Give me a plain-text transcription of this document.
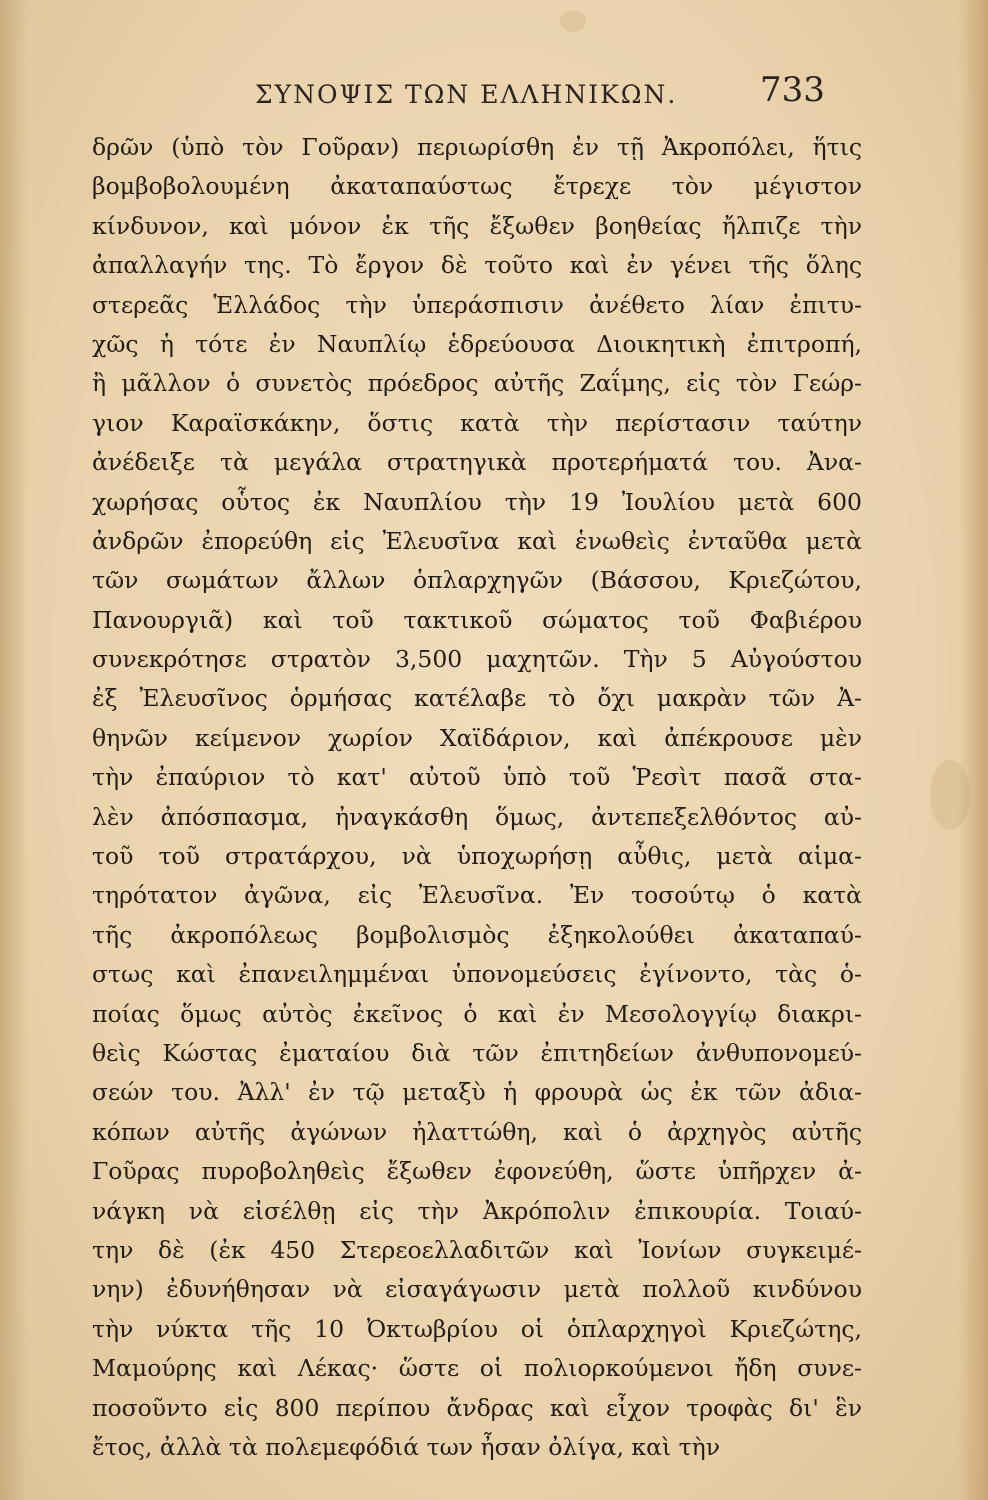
ΣΥΝΟΨΙΣ ΤΩΝ ΕΛΛΗΝΙΚΩΝ. 733
δρῶν (ὑπὸ τὸν Γοῦραν) περιωρίσθη ἐν τῇ Ἀκροπόλει, ἥτις
βομβοβολουμένη ἀκαταπαύστως ἔτρεχε τὸν μέγιστον
κίνδυνον, καὶ μόνον ἐκ τῆς ἔξωθεν βοηθείας ἤλπιζε τὴν
ἀπαλλαγήν της. Τὸ ἔργον δὲ τοῦτο καὶ ἐν γένει τῆς ὅλης
στερεᾶς Ἑλλάδος τὴν ὑπεράσπισιν ἀνέθετο λίαν ἐπιτυ-
χῶς ἡ τότε ἐν Ναυπλίῳ ἑδρεύουσα Διοικητικὴ ἐπιτροπή,
ἢ μᾶλλον ὁ συνετὸς πρόεδρος αὐτῆς Ζαΐμης, εἰς τὸν Γεώρ-
γιον Καραϊσκάκην, ὅστις κατὰ τὴν περίστασιν ταύτην
ἀνέδειξε τὰ μεγάλα στρατηγικὰ προτερήματά του. Ἀνα-
χωρήσας οὗτος ἐκ Ναυπλίου τὴν 19 Ἰουλίου μετὰ 600
ἀνδρῶν ἐπορεύθη εἰς Ἐλευσῖνα καὶ ἑνωθεὶς ἐνταῦθα μετὰ
τῶν σωμάτων ἄλλων ὁπλαρχηγῶν (Βάσσου, Κριεζώτου,
Πανουργιᾶ) καὶ τοῦ τακτικοῦ σώματος τοῦ Φαβιέρου
συνεκρότησε στρατὸν 3,500 μαχητῶν. Τὴν 5 Αὐγούστου
ἐξ Ἐλευσῖνος ὁρμήσας κατέλαβε τὸ ὄχι μακρὰν τῶν Ἀ-
θηνῶν κείμενον χωρίον Χαϊδάριον, καὶ ἀπέκρουσε μὲν
τὴν ἐπαύριον τὸ κατ' αὐτοῦ ὑπὸ τοῦ Ῥεσὶτ πασᾶ στα-
λὲν ἀπόσπασμα, ἠναγκάσθη ὅμως, ἀντεπεξελθόντος αὐ-
τοῦ τοῦ στρατάρχου, νὰ ὑποχωρήσῃ αὖθις, μετὰ αἱμα-
τηρότατον ἀγῶνα, εἰς Ἐλευσῖνα. Ἐν τοσούτῳ ὁ κατὰ
τῆς ἀκροπόλεως βομβολισμὸς ἐξηκολούθει ἀκαταπαύ-
στως καὶ ἐπανειλημμέναι ὑπονομεύσεις ἐγίνοντο, τὰς ὁ-
ποίας ὅμως αὐτὸς ἐκεῖνος ὁ καὶ ἐν Μεσολογγίῳ διακρι-
θεὶς Κώστας ἐματαίου διὰ τῶν ἐπιτηδείων ἀνθυπονομεύ-
σεών του. Ἀλλ' ἐν τῷ μεταξὺ ἡ φρουρὰ ὡς ἐκ τῶν ἀδια-
κόπων αὐτῆς ἀγώνων ἠλαττώθη, καὶ ὁ ἀρχηγὸς αὐτῆς
Γοῦρας πυροβοληθεὶς ἔξωθεν ἐφονεύθη, ὥστε ὑπῆρχεν ἀ-
νάγκη νὰ εἰσέλθῃ εἰς τὴν Ἀκρόπολιν ἐπικουρία. Τοιαύ-
την δὲ (ἐκ 450 Στερεοελλαδιτῶν καὶ Ἰονίων συγκειμέ-
νην) ἐδυνήθησαν νὰ εἰσαγάγωσιν μετὰ πολλοῦ κινδύνου
τὴν νύκτα τῆς 10 Ὀκτωβρίου οἱ ὁπλαρχηγοὶ Κριεζώτης,
Μαμούρης καὶ Λέκας· ὥστε οἱ πολιορκούμενοι ἤδη συνε-
ποσοῦντο εἰς 800 περίπου ἄνδρας καὶ εἶχον τροφὰς δι' ἓν
ἔτος, ἀλλὰ τὰ πολεμεφόδιά των ἦσαν ὀλίγα, καὶ τὴν
